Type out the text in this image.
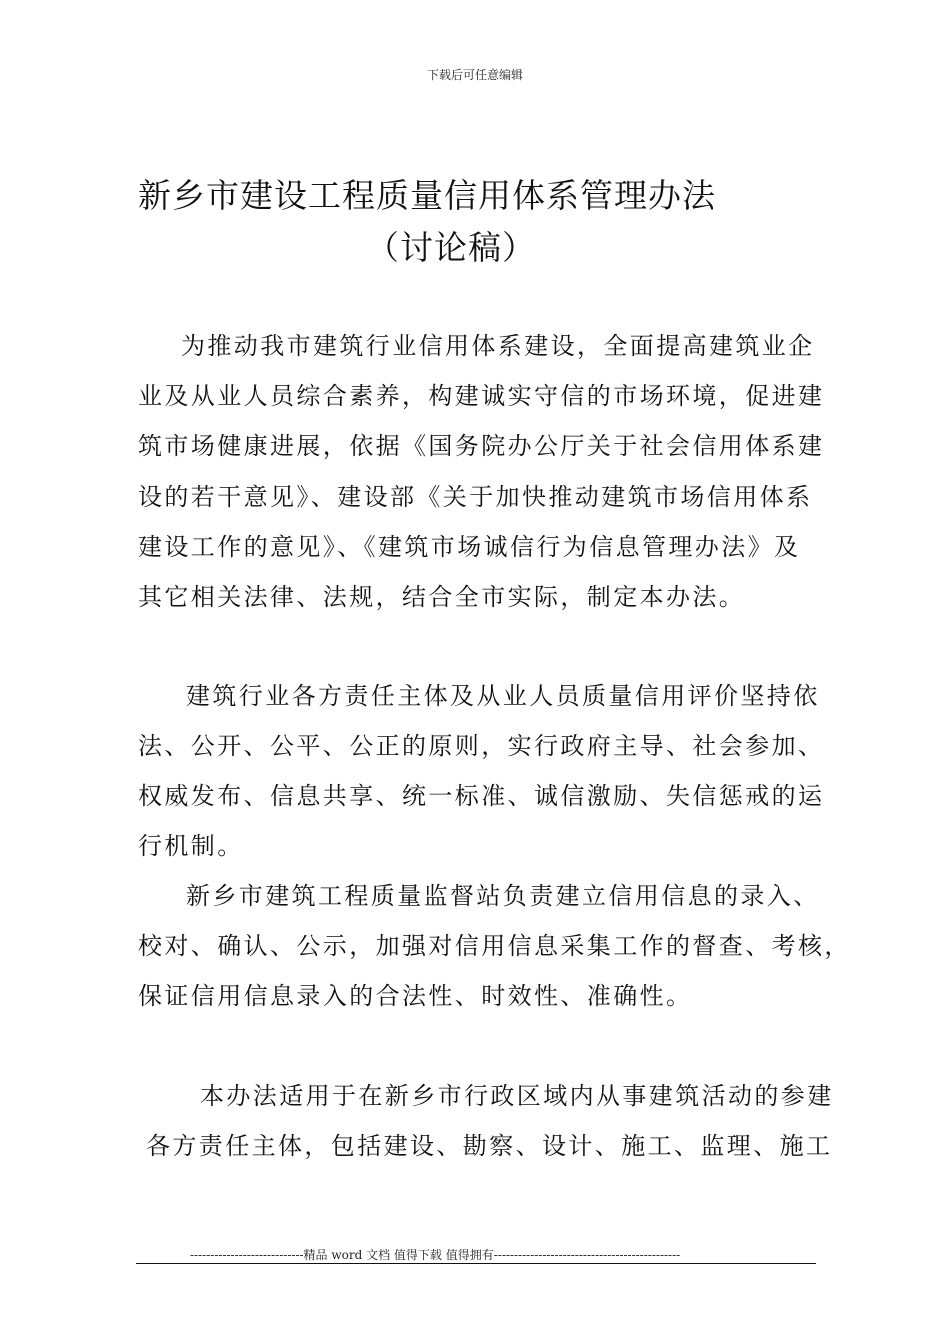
下载后可任意编辑
新乡市建设工程质量信用体系管理办法
（讨论稿）
为推动我市建筑行业信用体系建设，全面提高建筑业企
业及从业人员综合素养，构建诚实守信的市场环境，促进建
筑市场健康进展，依据《国务院办公厅关于社会信用体系建
设的若干意见》、建设部《关于加快推动建筑市场信用体系
建设工作的意见》、《建筑市场诚信行为信息管理办法》及
其它相关法律、法规，结合全市实际，制定本办法。
建筑行业各方责任主体及从业人员质量信用评价坚持依
法、公开、公平、公正的原则，实行政府主导、社会参加、
权威发布、信息共享、统一标准、诚信激励、失信惩戒的运
行机制。
新乡市建筑工程质量监督站负责建立信用信息的录入、
校对、确认、公示，加强对信用信息采集工作的督查、考核，
保证信用信息录入的合法性、时效性、准确性。
本办法适用于在新乡市行政区域内从事建筑活动的参建
各方责任主体，包括建设、勘察、设计、施工、监理、施工
----------------------------精品 word 文档 值得下载 值得拥有----------------------------------------------
